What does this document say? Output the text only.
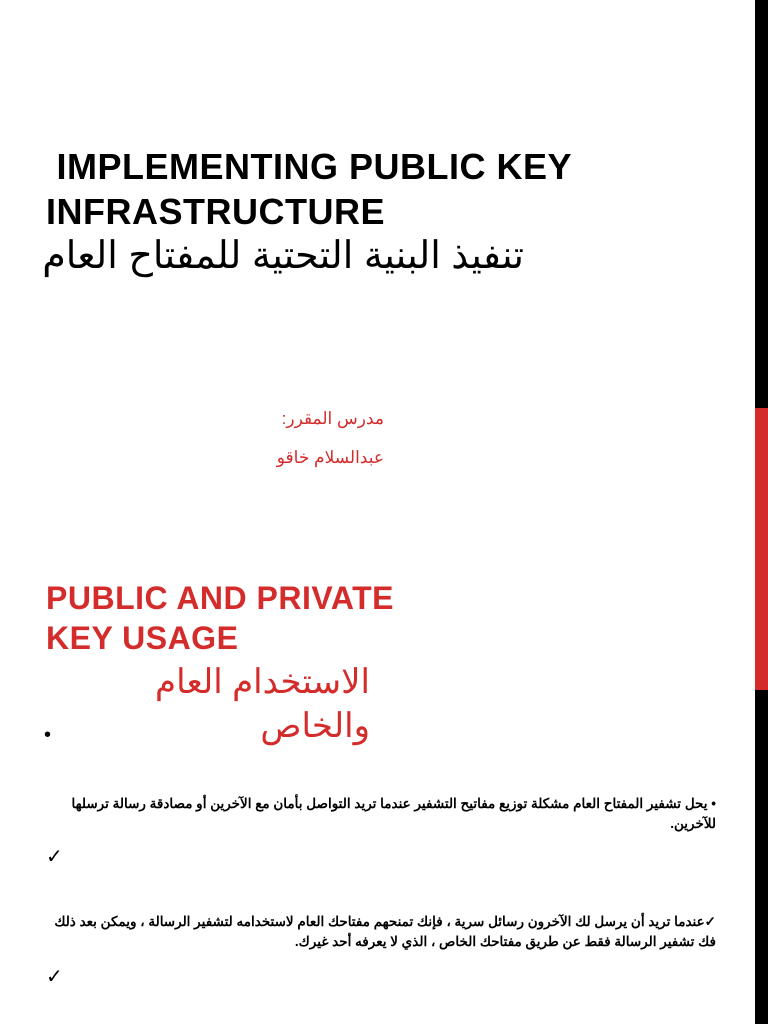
IMPLEMENTING PUBLIC KEY
INFRASTRUCTURE
تنفيذ البنية التحتية للمفتاح العام
مدرس المقرر:
عبدالسلام خاقو
PUBLIC AND PRIVATE
KEY USAGE
الاستخدام العام والخاص
•
• يحل تشفير المفتاح العام مشكلة توزيع مفاتيح التشفير عندما تريد التواصل بأمان مع الآخرين أو مصادقة رسالة ترسلها للآخرين.
✓
✓عندما تريد أن يرسل لك الآخرون رسائل سرية ، فإنك تمنحهم مفتاحك العام لاستخدامه لتشفير الرسالة ، ويمكن بعد ذلك فك تشفير الرسالة فقط عن طريق مفتاحك الخاص ، الذي لا يعرفه أحد غيرك.
✓
